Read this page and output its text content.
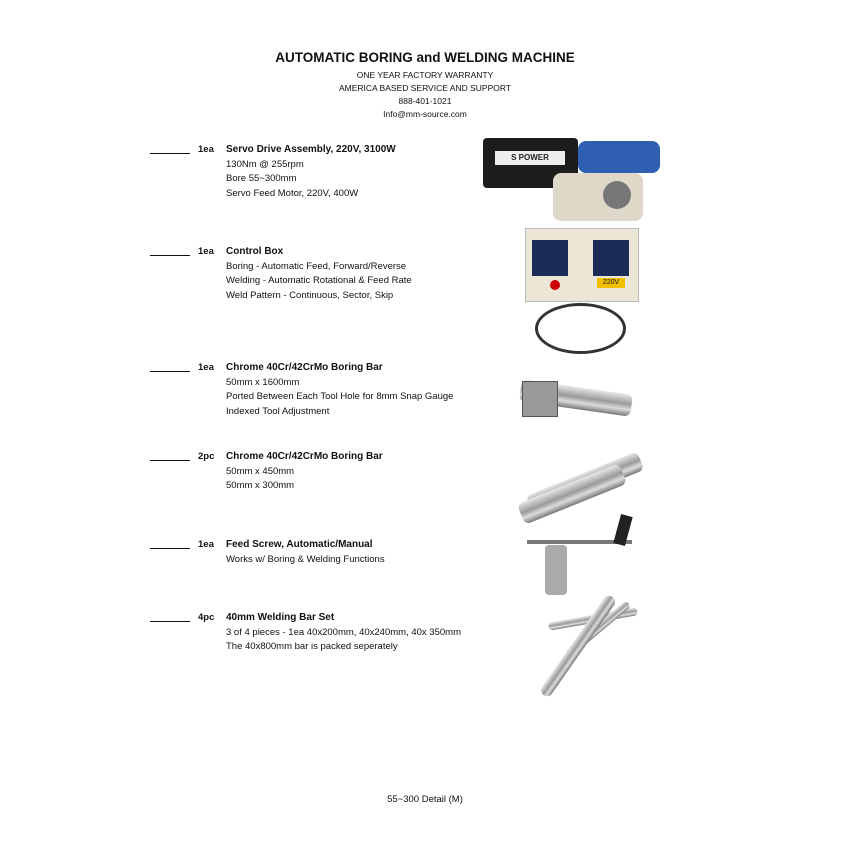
AUTOMATIC BORING and WELDING MACHINE
ONE YEAR FACTORY WARRANTY
AMERICA BASED SERVICE AND SUPPORT
888-401-1021
Info@mm-source.com
1ea Servo Drive Assembly, 220V, 3100W
130Nm @ 255rpm
Bore 55~300mm
Servo Feed Motor, 220V, 400W
1ea Control Box
Boring - Automatic Feed, Forward/Reverse
Welding - Automatic Rotational & Feed Rate
Weld Pattern - Continuous, Sector, Skip
1ea Chrome 40Cr/42CrMo Boring Bar
50mm x 1600mm
Ported Between Each Tool Hole for 8mm Snap Gauge
Indexed Tool Adjustment
2pc Chrome 40Cr/42CrMo Boring Bar
50mm x 450mm
50mm x 300mm
1ea Feed Screw, Automatic/Manual
Works w/ Boring & Welding Functions
4pc 40mm Welding Bar Set
3 of 4 pieces - 1ea 40x200mm, 40x240mm, 40x 350mm
The 40x800mm bar is packed seperately
S POWER
220V
55~300 Detail (M)
